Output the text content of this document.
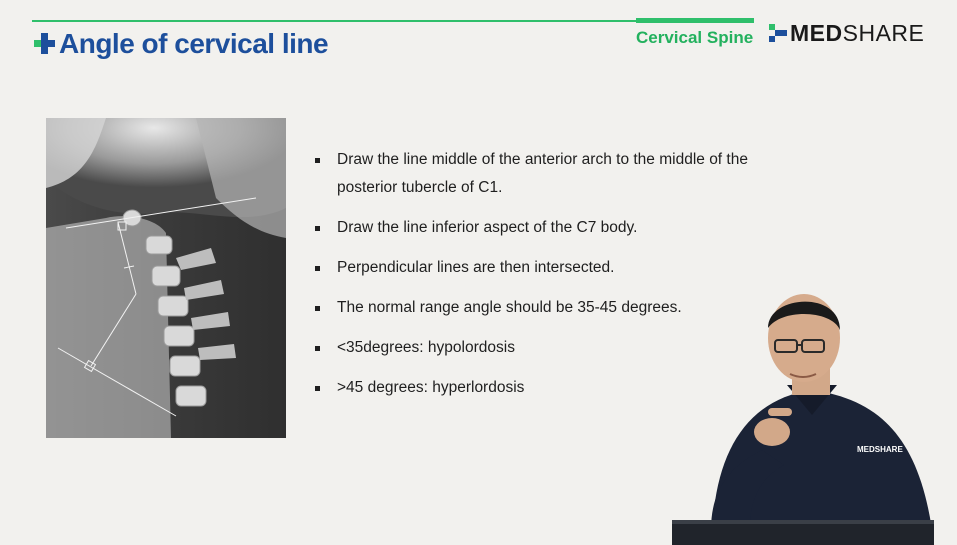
Angle of cervical line	Cervical Spine MEDSHARE
Draw the line middle of the anterior arch to the middle of the posterior tubercle of C1.
Draw the line inferior aspect of the C7 body.
Perpendicular lines are then intersected.
The normal range angle should be 35-45 degrees.
<35degrees: hypolordosis
>45 degrees: hyperlordosis
MEDSHARE
